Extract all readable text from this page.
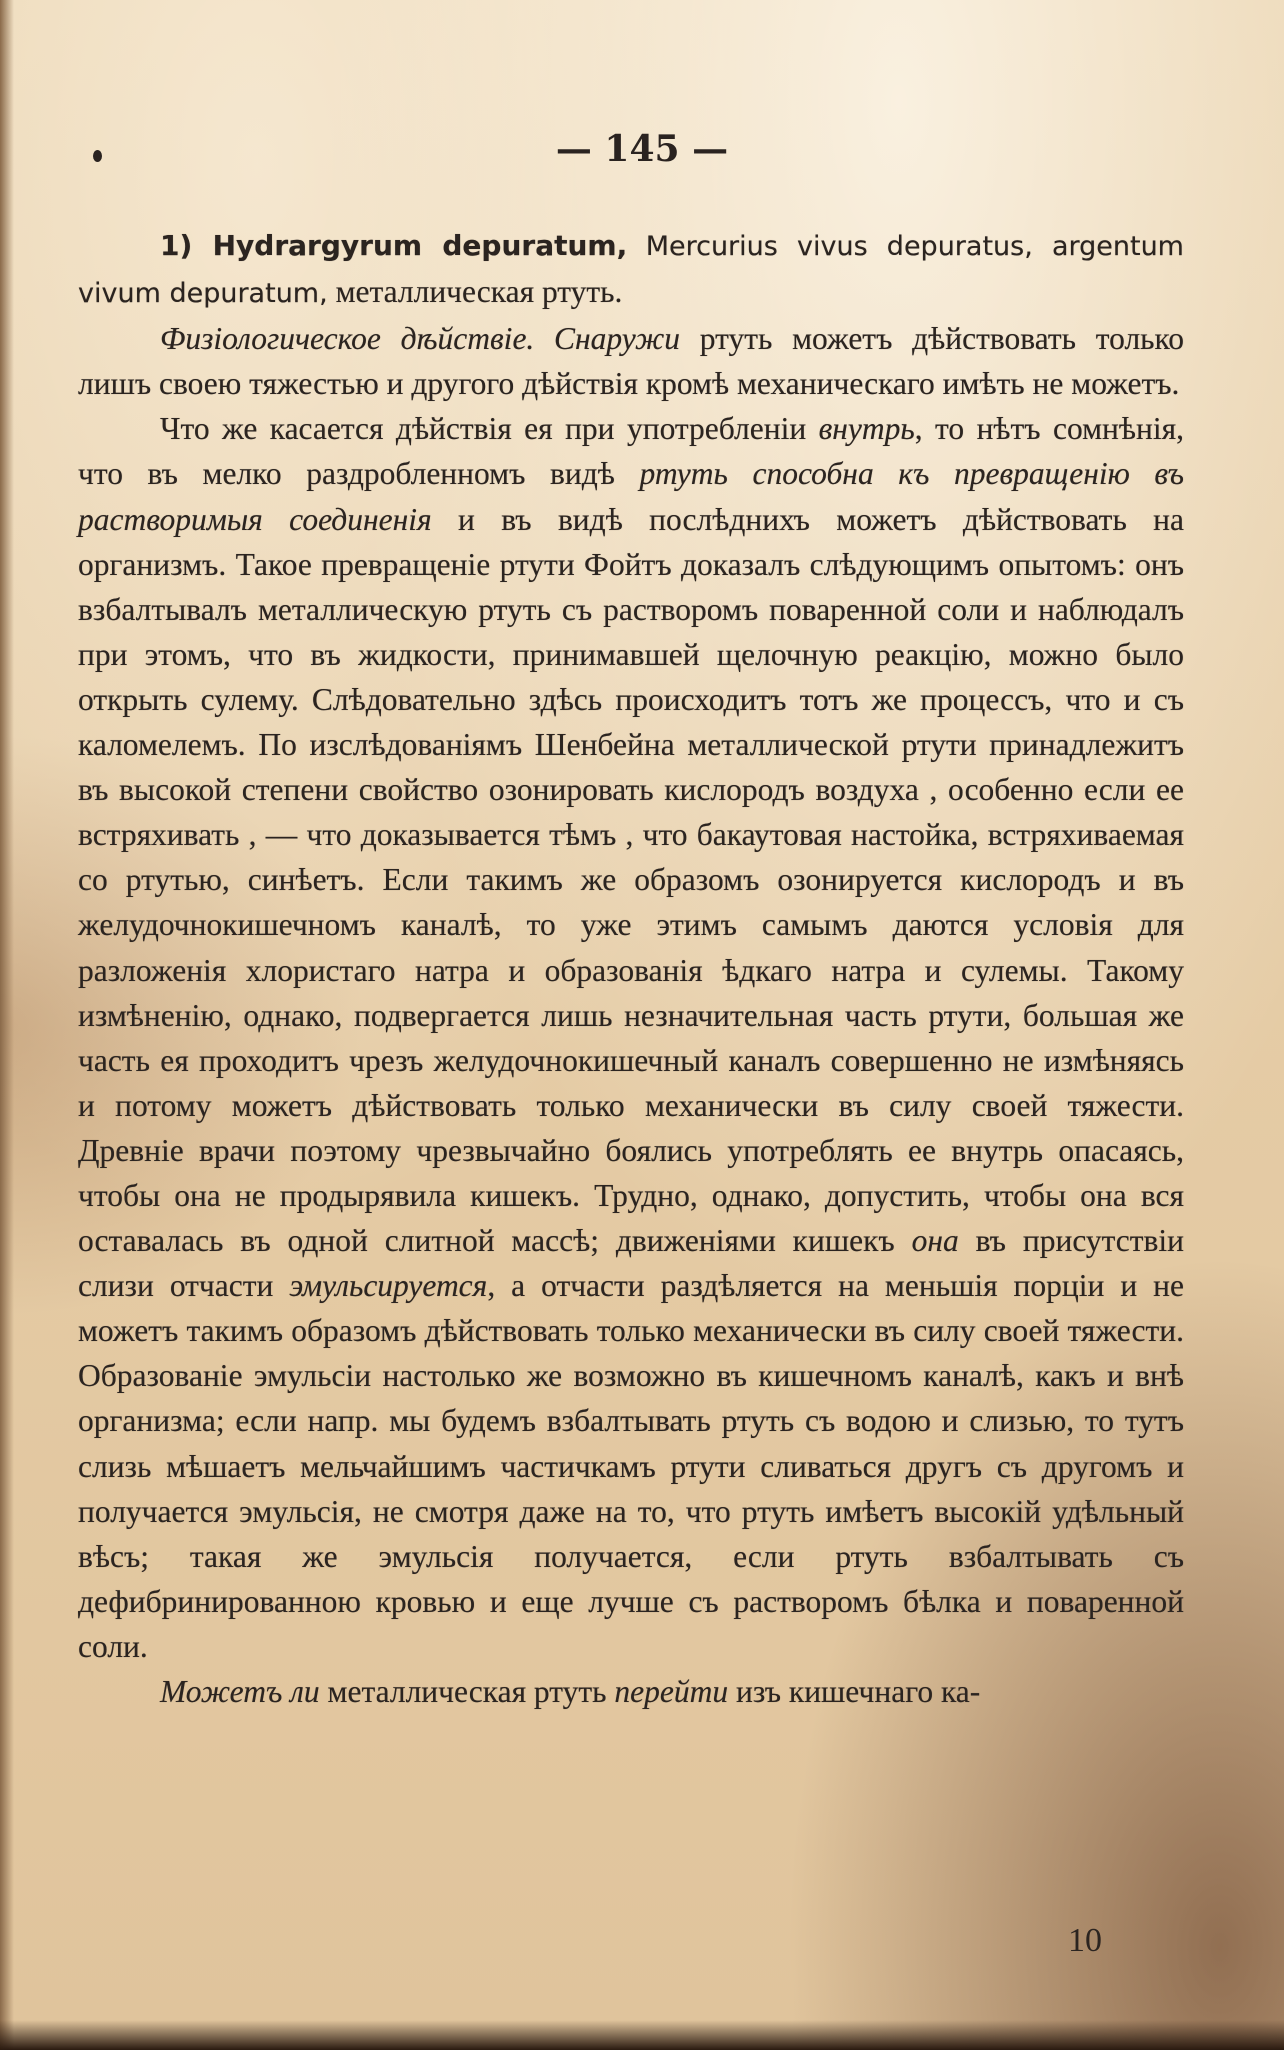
— 145 —

1) Hydrargyrum depuratum, Mercurius vivus depuratus, argentum vivum depuratum, металлическая ртуть.

Физiологическое дѣйствiе. Снаружи ртуть можетъ дѣйствовать только лишъ своею тяжестью и другого дѣйствiя кромѣ механическаго имѣть не можетъ.

Что же касается дѣйствiя ея при употребленiи внутрь, то нѣтъ сомнѣнiя, что въ мелко раздробленномъ видѣ ртуть способна къ превращенiю въ растворимыя соединенiя и въ видѣ послѣднихъ можетъ дѣйствовать на организмъ. Такое превращенiе ртути Фойтъ доказалъ слѣдующимъ опытомъ: онъ взбалтывалъ металлическую ртуть съ растворомъ поваренной соли и наблюдалъ при этомъ, что въ жидкости, принимавшей щелочную реакцiю, можно было открыть сулему. Слѣдовательно здѣсь происходитъ тотъ же процессъ, что и съ каломелемъ. По изслѣдованiямъ Шенбейна металлической ртути принадлежитъ въ высокой степени свойство озонировать кислородъ воздуха , особенно если ее встряхивать , — что доказывается тѣмъ , что бакаутовая настойка, встряхиваемая со ртутью, синѣетъ. Если такимъ же образомъ озонируется кислородъ и въ желудочнокишечномъ каналѣ, то уже этимъ самымъ даются условiя для разложенiя хлористаго натра и образованiя ѣдкаго натра и сулемы. Такому измѣненiю, однако, подвергается лишь незначительная часть ртути, большая же часть ея проходитъ чрезъ желудочнокишечный каналъ совершенно не измѣняясь и потому можетъ дѣйствовать только механически въ силу своей тяжести. Древнiе врачи поэтому чрезвычайно боялись употреблять ее внутрь опасаясь, чтобы она не продырявила кишекъ. Трудно, однако, допустить, чтобы она вся оставалась въ одной слитной массѣ; движенiями кишекъ она въ присутствiи слизи отчасти эмульсируется, а отчасти раздѣляется на меньшiя порцiи и не можетъ такимъ образомъ дѣйствовать только механически въ силу своей тяжести. Образованiе эмульсiи настолько же возможно въ кишечномъ каналѣ, какъ и внѣ организма; если напр. мы будемъ взбалтывать ртуть съ водою и слизью, то тутъ слизь мѣшаетъ мельчайшимъ частичкамъ ртути сливаться другъ съ другомъ и получается эмульсiя, не смотря даже на то, что ртуть имѣетъ высокiй удѣльный вѣсъ; такая же эмульсiя получается, если ртуть взбалтывать съ дефибринированною кровью и еще лучше съ растворомъ бѣлка и поваренной соли.

Можетъ ли металлическая ртуть перейти изъ кишечнаго ка-

10
